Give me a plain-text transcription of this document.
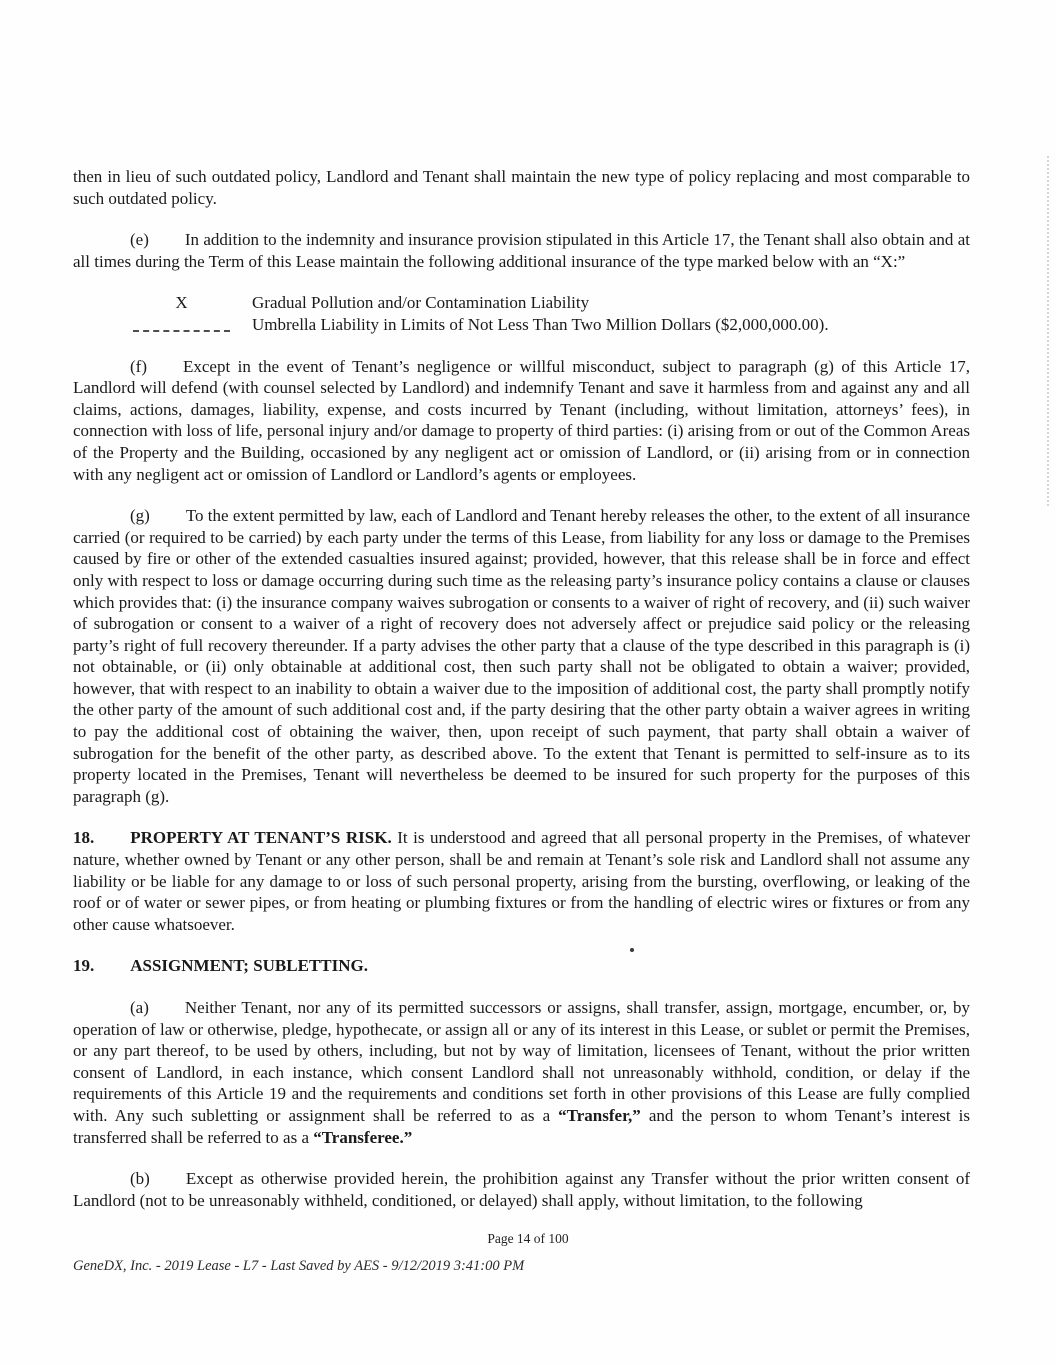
then in lieu of such outdated policy, Landlord and Tenant shall maintain the new type of policy replacing and most comparable to such outdated policy.

(e) In addition to the indemnity and insurance provision stipulated in this Article 17, the Tenant shall also obtain and at all times during the Term of this Lease maintain the following additional insurance of the type marked below with an “X:”

X	Gradual Pollution and/or Contamination Liability
Umbrella Liability in Limits of Not Less Than Two Million Dollars ($2,000,000.00).

(f) Except in the event of Tenant’s negligence or willful misconduct, subject to paragraph (g) of this Article 17, Landlord will defend (with counsel selected by Landlord) and indemnify Tenant and save it harmless from and against any and all claims, actions, damages, liability, expense, and costs incurred by Tenant (including, without limitation, attorneys’ fees), in connection with loss of life, personal injury and/or damage to property of third parties: (i) arising from or out of the Common Areas of the Property and the Building, occasioned by any negligent act or omission of Landlord, or (ii) arising from or in connection with any negligent act or omission of Landlord or Landlord’s agents or employees.

(g) To the extent permitted by law, each of Landlord and Tenant hereby releases the other, to the extent of all insurance carried (or required to be carried) by each party under the terms of this Lease, from liability for any loss or damage to the Premises caused by fire or other of the extended casualties insured against; provided, however, that this release shall be in force and effect only with respect to loss or damage occurring during such time as the releasing party’s insurance policy contains a clause or clauses which provides that: (i) the insurance company waives subrogation or consents to a waiver of right of recovery, and (ii) such waiver of subrogation or consent to a waiver of a right of recovery does not adversely affect or prejudice said policy or the releasing party’s right of full recovery thereunder. If a party advises the other party that a clause of the type described in this paragraph is (i) not obtainable, or (ii) only obtainable at additional cost, then such party shall not be obligated to obtain a waiver; provided, however, that with respect to an inability to obtain a waiver due to the imposition of additional cost, the party shall promptly notify the other party of the amount of such additional cost and, if the party desiring that the other party obtain a waiver agrees in writing to pay the additional cost of obtaining the waiver, then, upon receipt of such payment, that party shall obtain a waiver of subrogation for the benefit of the other party, as described above. To the extent that Tenant is permitted to self-insure as to its property located in the Premises, Tenant will nevertheless be deemed to be insured for such property for the purposes of this paragraph (g).

18. PROPERTY AT TENANT’S RISK. It is understood and agreed that all personal property in the Premises, of whatever nature, whether owned by Tenant or any other person, shall be and remain at Tenant’s sole risk and Landlord shall not assume any liability or be liable for any damage to or loss of such personal property, arising from the bursting, overflowing, or leaking of the roof or of water or sewer pipes, or from heating or plumbing fixtures or from the handling of electric wires or fixtures or from any other cause whatsoever.

19. ASSIGNMENT; SUBLETTING.

(a) Neither Tenant, nor any of its permitted successors or assigns, shall transfer, assign, mortgage, encumber, or, by operation of law or otherwise, pledge, hypothecate, or assign all or any of its interest in this Lease, or sublet or permit the Premises, or any part thereof, to be used by others, including, but not by way of limitation, licensees of Tenant, without the prior written consent of Landlord, in each instance, which consent Landlord shall not unreasonably withhold, condition, or delay if the requirements of this Article 19 and the requirements and conditions set forth in other provisions of this Lease are fully complied with. Any such subletting or assignment shall be referred to as a “Transfer,” and the person to whom Tenant’s interest is transferred shall be referred to as a “Transferee.”

(b) Except as otherwise provided herein, the prohibition against any Transfer without the prior written consent of Landlord (not to be unreasonably withheld, conditioned, or delayed) shall apply, without limitation, to the following

Page 14 of 100
GeneDX, Inc. - 2019 Lease - L7 - Last Saved by AES - 9/12/2019 3:41:00 PM
